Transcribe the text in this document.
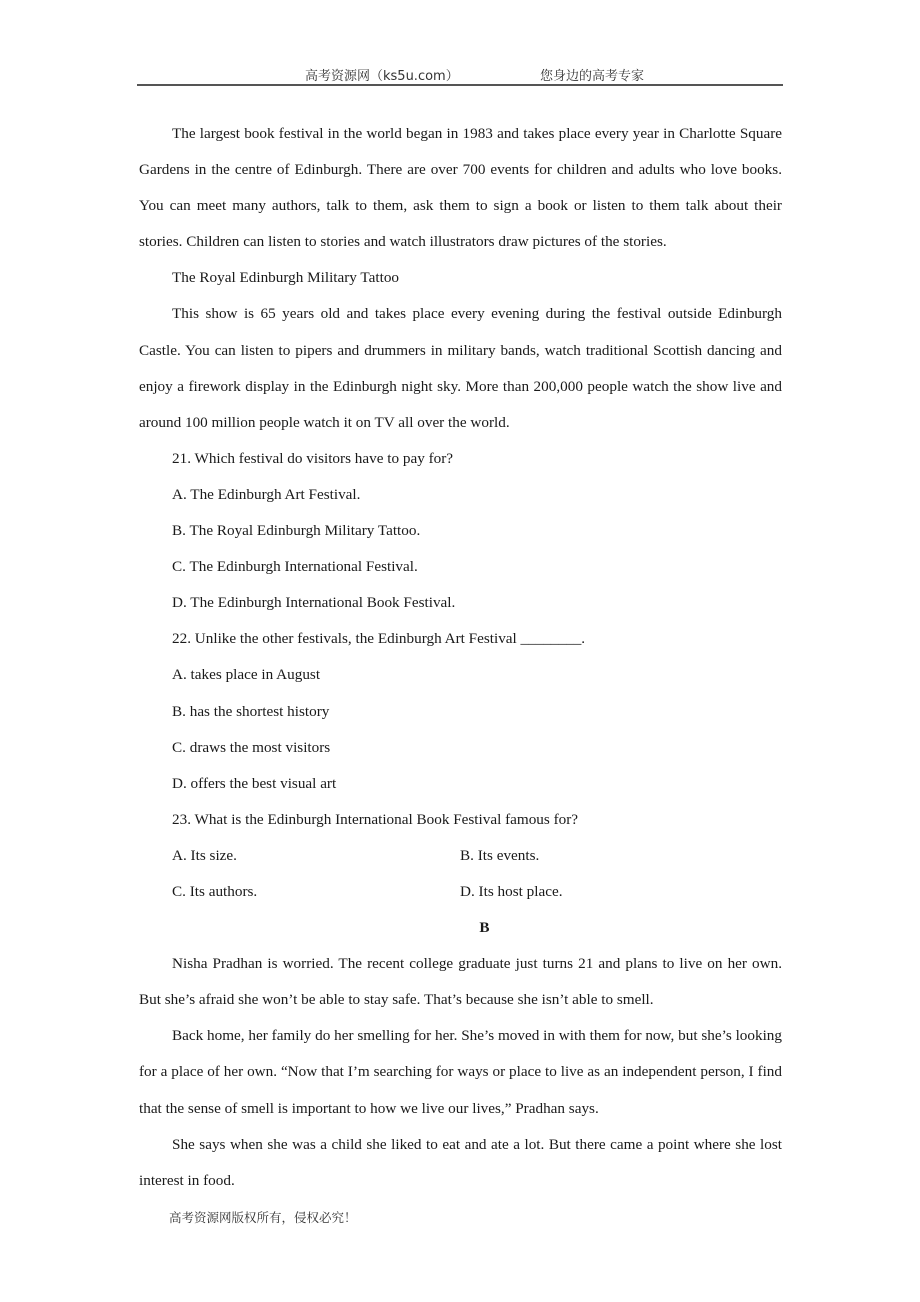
高考资源网（ks5u.com）	您身边的高考专家

The largest book festival in the world began in 1983 and takes place every year in Charlotte Square Gardens in the centre of Edinburgh. There are over 700 events for children and adults who love books. You can meet many authors, talk to them, ask them to sign a book or listen to them talk about their stories. Children can listen to stories and watch illustrators draw pictures of the stories.

The Royal Edinburgh Military Tattoo

This show is 65 years old and takes place every evening during the festival outside Edinburgh Castle. You can listen to pipers and drummers in military bands, watch traditional Scottish dancing and enjoy a firework display in the Edinburgh night sky. More than 200,000 people watch the show live and around 100 million people watch it on TV all over the world.

21. Which festival do visitors have to pay for?

A. The Edinburgh Art Festival.

B. The Royal Edinburgh Military Tattoo.

C. The Edinburgh International Festival.

D. The Edinburgh International Book Festival.

22. Unlike the other festivals, the Edinburgh Art Festival ________.

A. takes place in August

B. has the shortest history

C. draws the most visitors

D. offers the best visual art

23. What is the Edinburgh International Book Festival famous for?

A. Its size.	B. Its events.
C. Its authors.	D. Its host place.

B

Nisha Pradhan is worried. The recent college graduate just turns 21 and plans to live on her own. But she’s afraid she won’t be able to stay safe. That’s because she isn’t able to smell.

Back home, her family do her smelling for her. She’s moved in with them for now, but she’s looking for a place of her own. “Now that I’m searching for ways or place to live as an independent person, I find that the sense of smell is important to how we live our lives,” Pradhan says.

She says when she was a child she liked to eat and ate a lot. But there came a point where she lost interest in food.

高考资源网版权所有，侵权必究！
